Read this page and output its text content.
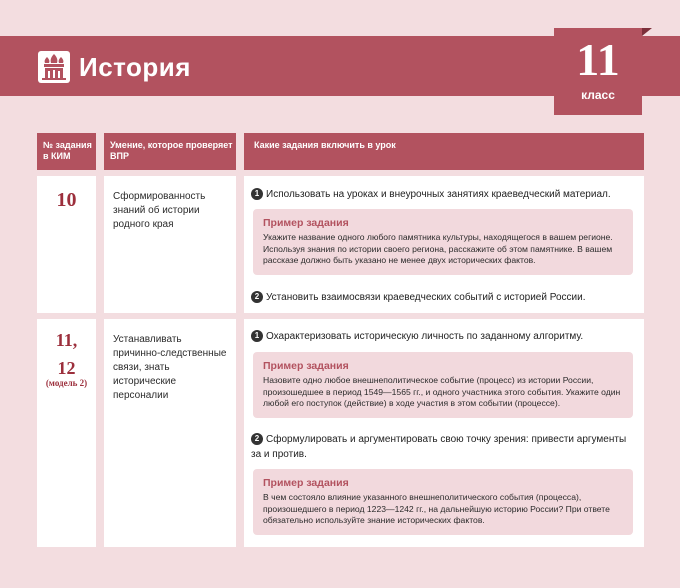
История	11
класс
№ задания в КИМ
Умение, которое проверяет ВПР
Какие задания включить в урок
10	Сформированность знаний об истории родного края
1 Использовать на уроках и внеурочных занятиях краеведческий материал.
Пример задания
Укажите название одного любого памятника культуры, находящегося в вашем регионе. Используя знания по истории своего региона, расскажите об этом памятнике. В вашем рассказе должно быть указано не менее двух исторических фактов.
2 Установить взаимосвязи краеведческих событий с историей России.
11,
12
(модель 2)
Устанавливать причинно-следственные связи, знать исторические персоналии
1 Охарактеризовать историческую личность по заданному алгоритму.
Пример задания
Назовите одно любое внешнеполитическое событие (процесс) из истории России, произошедшее в период 1549—1565 гг., и одного участника этого события. Укажите один любой его поступок (действие) в ходе участия в этом событии (процессе).
2 Сформулировать и аргументировать свою точку зрения: привести аргументы за и против.
Пример задания
В чем состояло влияние указанного внешнеполитического события (процесса), произошедшего в период 1223—1242 гг., на дальнейшую историю России? При ответе обязательно используйте знание исторических фактов.
